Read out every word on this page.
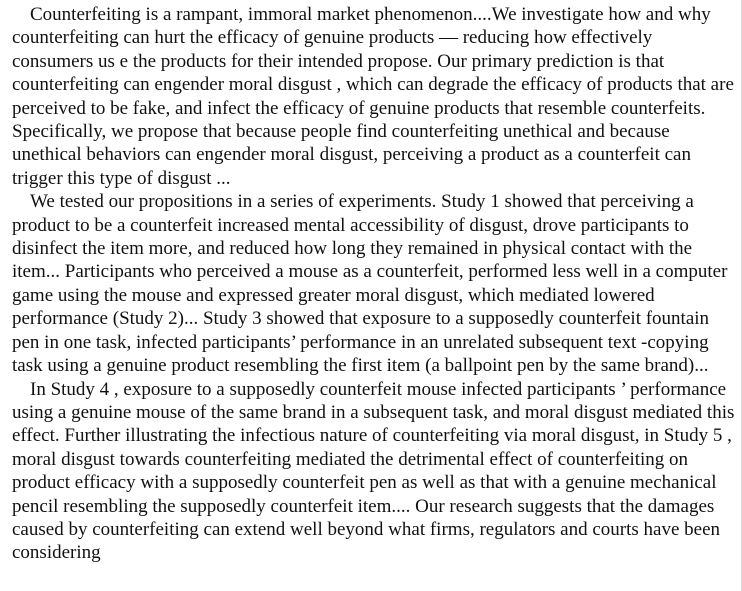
Counterfeiting is a rampant, immoral market phenomenon....We investigate how and why counterfeiting can hurt the efficacy of genuine products — reducing how effectively consumers us e the products for their intended propose. Our primary prediction is that counterfeiting can engender moral disgust , which can degrade the efficacy of products that are perceived to be fake, and infect the efficacy of genuine products that resemble counterfeits. Specifically, we propose that because people find counterfeiting unethical and because unethical behaviors can engender moral disgust, perceiving a product as a counterfeit can trigger this type of disgust ...

We tested our propositions in a series of experiments. Study 1 showed that perceiving a product to be a counterfeit increased mental accessibility of disgust, drove participants to disinfect the item more, and reduced how long they remained in physical contact with the item... Participants who perceived a mouse as a counterfeit, performed less well in a computer game using the mouse and expressed greater moral disgust, which mediated lowered performance (Study 2)... Study 3 showed that exposure to a supposedly counterfeit fountain pen in one task, infected participants’ performance in an unrelated subsequent text -copying task using a genuine product resembling the first item (a ballpoint pen by the same brand)...

In Study 4 , exposure to a supposedly counterfeit mouse infected participants ’ performance using a genuine mouse of the same brand in a subsequent task, and moral disgust mediated this effect. Further illustrating the infectious nature of counterfeiting via moral disgust, in Study 5 , moral disgust towards counterfeiting mediated the detrimental effect of counterfeiting on product efficacy with a supposedly counterfeit pen as well as that with a genuine mechanical pencil resembling the supposedly counterfeit item.... Our research suggests that the damages caused by counterfeiting can extend well beyond what firms, regulators and courts have been considering
